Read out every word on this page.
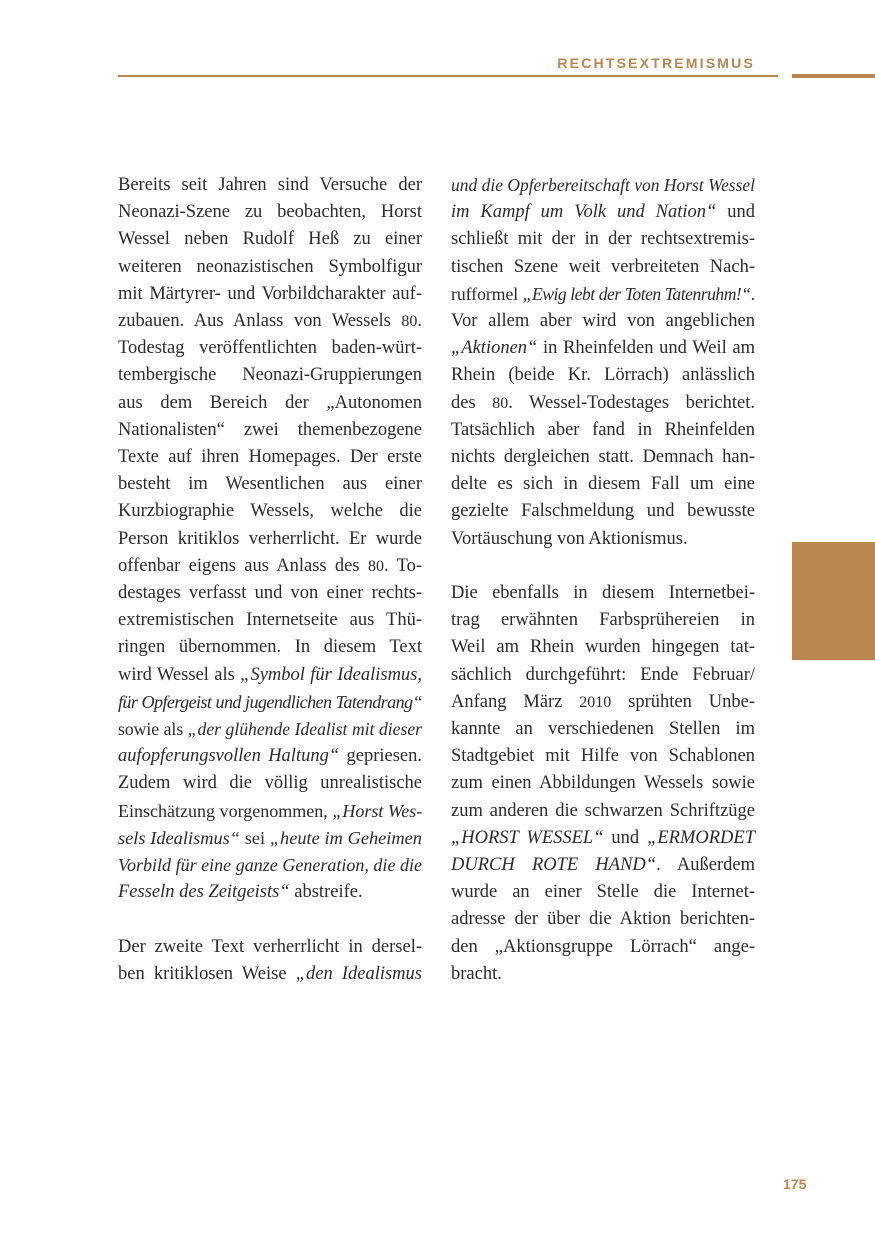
RECHTSEXTREMISMUS
Bereits seit Jahren sind Versuche der
Neonazi-Szene zu beobachten, Horst
Wessel neben Rudolf Heß zu einer
weiteren neonazistischen Symbolfigur
mit Märtyrer- und Vorbildcharakter auf-
zubauen. Aus Anlass von Wessels 80.
Todestag veröffentlichten baden-würt-
tembergische Neonazi-Gruppierungen
aus dem Bereich der „Autonomen
Nationalisten“ zwei themenbezogene
Texte auf ihren Homepages. Der erste
besteht im Wesentlichen aus einer
Kurzbiographie Wessels, welche die
Person kritiklos verherrlicht. Er wurde
offenbar eigens aus Anlass des 80. To-
destages verfasst und von einer rechts-
extremistischen Internetseite aus Thü-
ringen übernommen. In diesem Text
wird Wessel als „Symbol für Idealismus,
für Opfergeist und jugendlichen Tatendrang“
sowie als „der glühende Idealist mit dieser
aufopferungsvollen Haltung“ gepriesen.
Zudem wird die völlig unrealistische
Einschätzung vorgenommen, „Horst Wes-
sels Idealismus“ sei „heute im Geheimen
Vorbild für eine ganze Generation, die die
Fesseln des Zeitgeists“ abstreife.
Der zweite Text verherrlicht in dersel-
ben kritiklosen Weise „den Idealismus
und die Opferbereitschaft von Horst Wessel
im Kampf um Volk und Nation“ und
schließt mit der in der rechtsextremis-
tischen Szene weit verbreiteten Nach-
rufformel „Ewig lebt der Toten Tatenruhm!“.
Vor allem aber wird von angeblichen
„Aktionen“ in Rheinfelden und Weil am
Rhein (beide Kr. Lörrach) anlässlich
des 80. Wessel-Todestages berichtet.
Tatsächlich aber fand in Rheinfelden
nichts dergleichen statt. Demnach han-
delte es sich in diesem Fall um eine
gezielte Falschmeldung und bewusste
Vortäuschung von Aktionismus.
Die ebenfalls in diesem Internetbei-
trag erwähnten Farbsprühereien in
Weil am Rhein wurden hingegen tat-
sächlich durchgeführt: Ende Februar/
Anfang März 2010 sprühten Unbe-
kannte an verschiedenen Stellen im
Stadtgebiet mit Hilfe von Schablonen
zum einen Abbildungen Wessels sowie
zum anderen die schwarzen Schriftzüge
„HORST WESSEL“ und „ERMORDET
DURCH ROTE HAND“. Außerdem
wurde an einer Stelle die Internet-
adresse der über die Aktion berichten-
den „Aktionsgruppe Lörrach“ ange-
bracht.
175
